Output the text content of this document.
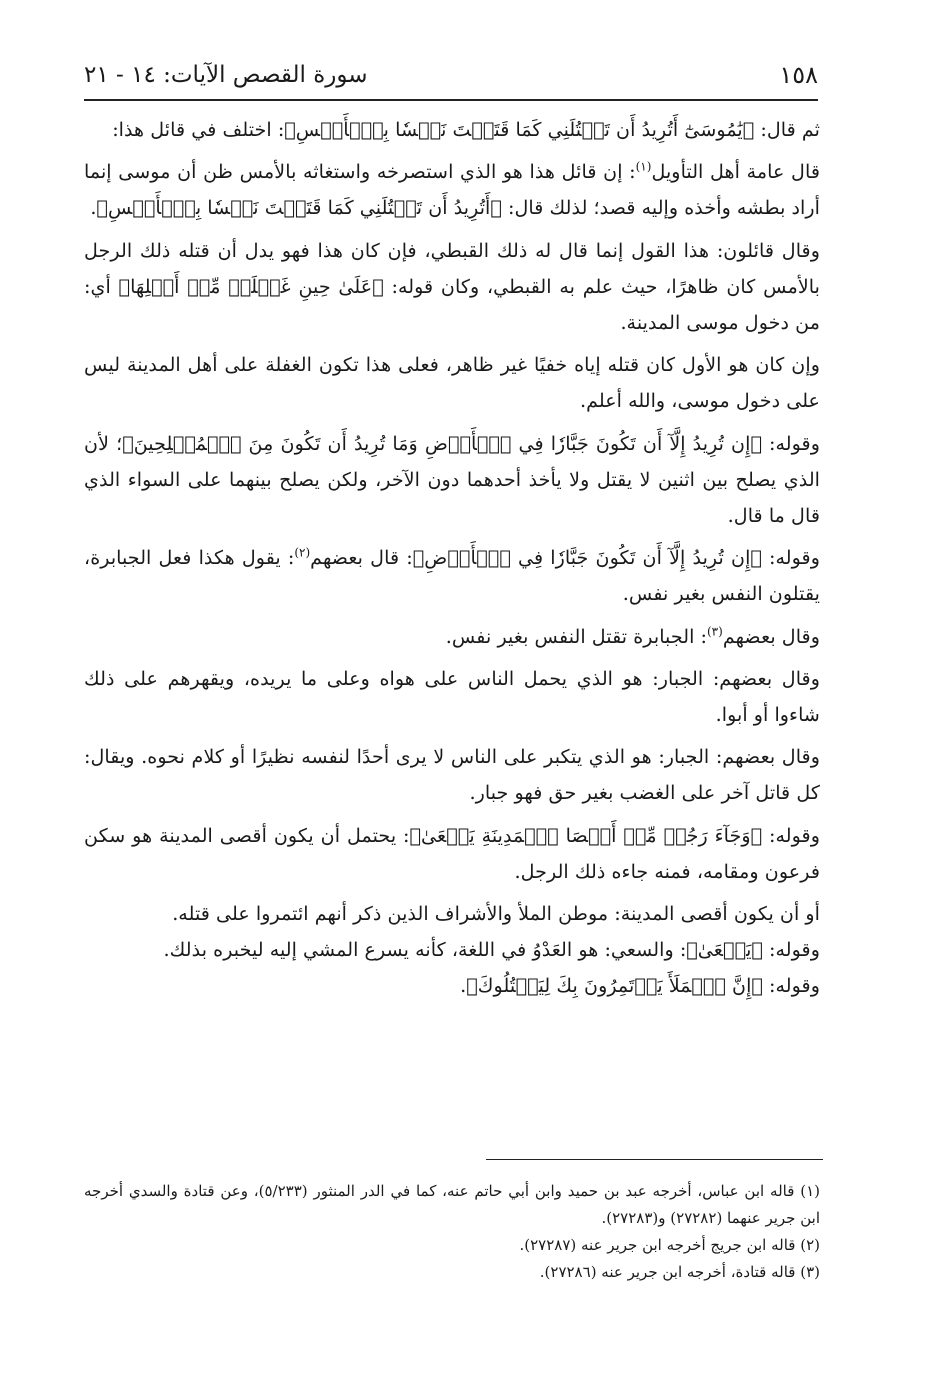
١٥٨
سورة القصص الآيات: ١٤ - ٢١

ثم قال: ﴿يَٰمُوسَىٰٓ أَتُرِيدُ أَن تَقۡتُلَنِي كَمَا قَتَلۡتَ نَفۡسٗا بِٱلۡأَمۡسِ﴾: اختلف في قائل هذا:

قال عامة أهل التأويل$^{(١)}$: إن قائل هذا هو الذي استصرخه واستغاثه بالأمس ظن أن موسى إنما أراد بطشه وأخذه وإليه قصد؛ لذلك قال: ﴿أَتُرِيدُ أَن تَقۡتُلَنِي كَمَا قَتَلۡتَ نَفۡسٗا بِٱلۡأَمۡسِ﴾.

وقال قائلون: هذا القول إنما قال له ذلك القبطي، فإن كان هذا فهو يدل أن قتله ذلك الرجل بالأمس كان ظاهرًا، حيث علم به القبطي، وكان قوله: ﴿عَلَىٰ حِينِ غَفۡلَةٖ مِّنۡ أَهۡلِهَا﴾ أي: من دخول موسى المدينة.

وإن كان هو الأول كان قتله إياه خفيًا غير ظاهر، فعلى هذا تكون الغفلة على أهل المدينة ليس على دخول موسى، والله أعلم.

وقوله: ﴿إِن تُرِيدُ إِلَّآ أَن تَكُونَ جَبَّارٗا فِي ٱلۡأَرۡضِ وَمَا تُرِيدُ أَن تَكُونَ مِنَ ٱلۡمُصۡلِحِينَ﴾؛ لأن الذي يصلح بين اثنين لا يقتل ولا يأخذ أحدهما دون الآخر، ولكن يصلح بينهما على السواء الذي قال ما قال.

وقوله: ﴿إِن تُرِيدُ إِلَّآ أَن تَكُونَ جَبَّارٗا فِي ٱلۡأَرۡضِ﴾: قال بعضهم$^{(٢)}$: يقول هكذا فعل الجبابرة، يقتلون النفس بغير نفس.

وقال بعضهم$^{(٣)}$: الجبابرة تقتل النفس بغير نفس.

وقال بعضهم: الجبار: هو الذي يحمل الناس على هواه وعلى ما يريده، ويقهرهم على ذلك شاءوا أو أبوا.

وقال بعضهم: الجبار: هو الذي يتكبر على الناس لا يرى أحدًا لنفسه نظيرًا أو كلام نحوه. ويقال: كل قاتل آخر على الغضب بغير حق فهو جبار.

وقوله: ﴿وَجَآءَ رَجُلٞ مِّنۡ أَقۡصَا ٱلۡمَدِينَةِ يَسۡعَىٰ﴾: يحتمل أن يكون أقصى المدينة هو سكن فرعون ومقامه، فمنه جاءه ذلك الرجل.

أو أن يكون أقصى المدينة: موطن الملأ والأشراف الذين ذكر أنهم ائتمروا على قتله.

وقوله: ﴿يَسۡعَىٰ﴾: والسعي: هو العَدْوُ في اللغة، كأنه يسرع المشي إليه ليخبره بذلك.

وقوله: ﴿إِنَّ ٱلۡمَلَأَ يَأۡتَمِرُونَ بِكَ لِيَقۡتُلُوكَ﴾.

(١) قاله ابن عباس، أخرجه عبد بن حميد وابن أبي حاتم عنه، كما في الدر المنثور (٥/٢٣٣)، وعن قتادة والسدي أخرجه ابن جرير عنهما (٢٧٢٨٢) و(٢٧٢٨٣).

(٢) قاله ابن جريج أخرجه ابن جرير عنه (٢٧٢٨٧).

(٣) قاله قتادة، أخرجه ابن جرير عنه (٢٧٢٨٦).
